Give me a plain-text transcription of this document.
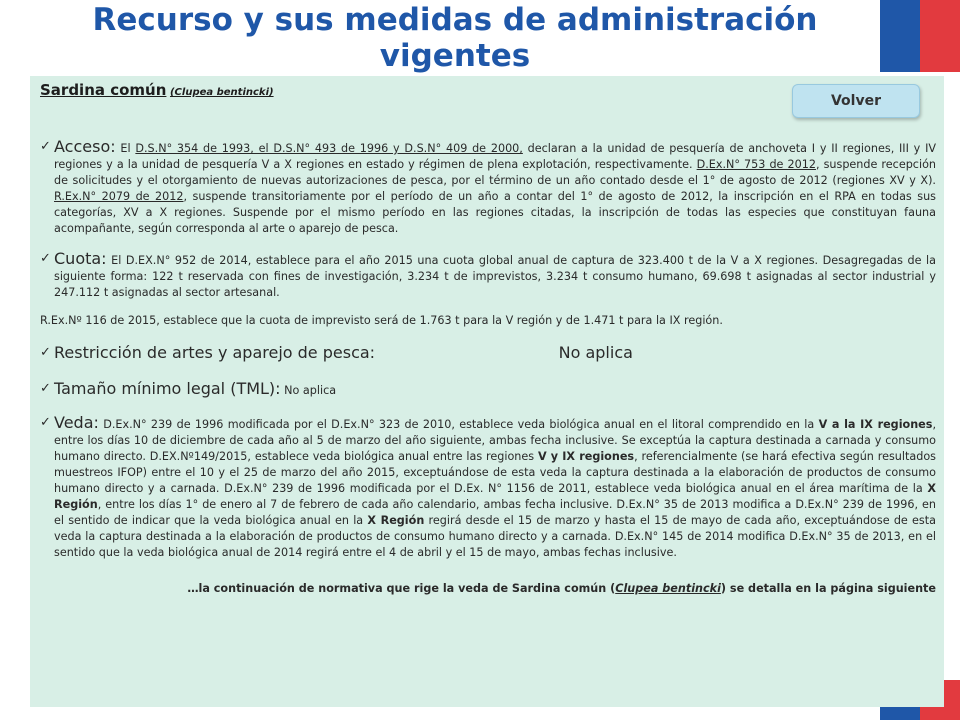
Recurso y sus medidas de administración
vigentes

Sardina común (Clupea bentincki)

✓ Acceso: El D.S.N° 354 de 1993, el D.S.N° 493 de 1996 y D.S.N° 409 de 2000, declaran a la unidad de pesquería de anchoveta I y II regiones, III y IV regiones y a la unidad de pesquería V a X regiones en estado y régimen de plena explotación, respectivamente. D.Ex.N° 753 de 2012, suspende recepción de solicitudes y el otorgamiento de nuevas autorizaciones de pesca, por el término de un año contado desde el 1° de agosto de 2012 (regiones XV y X). R.Ex.N° 2079 de 2012, suspende transitoriamente por el período de un año a contar del 1° de agosto de 2012, la inscripción en el RPA en todas sus categorías, XV a X regiones. Suspende por el mismo período en las regiones citadas, la inscripción de todas las especies que constituyan fauna acompañante, según corresponda al arte o aparejo de pesca.

✓ Cuota: El D.EX.N° 952 de 2014, establece para el año 2015 una cuota global anual de captura de 323.400 t de la V a X regiones. Desagregadas de la siguiente forma: 122 t reservada con fines de investigación, 3.234 t de imprevistos, 3.234 t consumo humano, 69.698 t asignadas al sector industrial y 247.112 t asignadas al sector artesanal.

R.Ex.Nº 116 de 2015, establece que la cuota de imprevisto será de 1.763 t para la V región y de 1.471 t para la IX región.

✓ Restricción de artes y aparejo de pesca:	No aplica

✓ Tamaño mínimo legal (TML): No aplica

✓ Veda: D.Ex.N° 239 de 1996 modificada por el D.Ex.N° 323 de 2010, establece veda biológica anual en el litoral comprendido en la V a la IX regiones, entre los días 10 de diciembre de cada año al 5 de marzo del año siguiente, ambas fecha inclusive. Se exceptúa la captura destinada a carnada y consumo humano directo. D.EX.Nº149/2015, establece veda biológica anual entre las regiones V y IX regiones, referencialmente (se hará efectiva según resultados muestreos IFOP) entre el 10 y el 25 de marzo del año 2015, exceptuándose de esta veda la captura destinada a la elaboración de productos de consumo humano directo y a carnada. D.Ex.N° 239 de 1996 modificada por el D.Ex. N° 1156 de 2011, establece veda biológica anual en el área marítima de la X Región, entre los días 1° de enero al 7 de febrero de cada año calendario, ambas fecha inclusive. D.Ex.N° 35 de 2013 modifica a D.Ex.N° 239 de 1996, en el sentido de indicar que la veda biológica anual en la X Región regirá desde el 15 de marzo y hasta el 15 de mayo de cada año, exceptuándose de esta veda la captura destinada a la elaboración de productos de consumo humano directo y a carnada. D.Ex.N° 145 de 2014 modifica D.Ex.N° 35 de 2013, en el sentido que la veda biológica anual de 2014 regirá entre el 4 de abril y el 15 de mayo, ambas fechas inclusive.

…la continuación de normativa que rige la veda de Sardina común (Clupea bentincki) se detalla en la página siguiente

Volver
